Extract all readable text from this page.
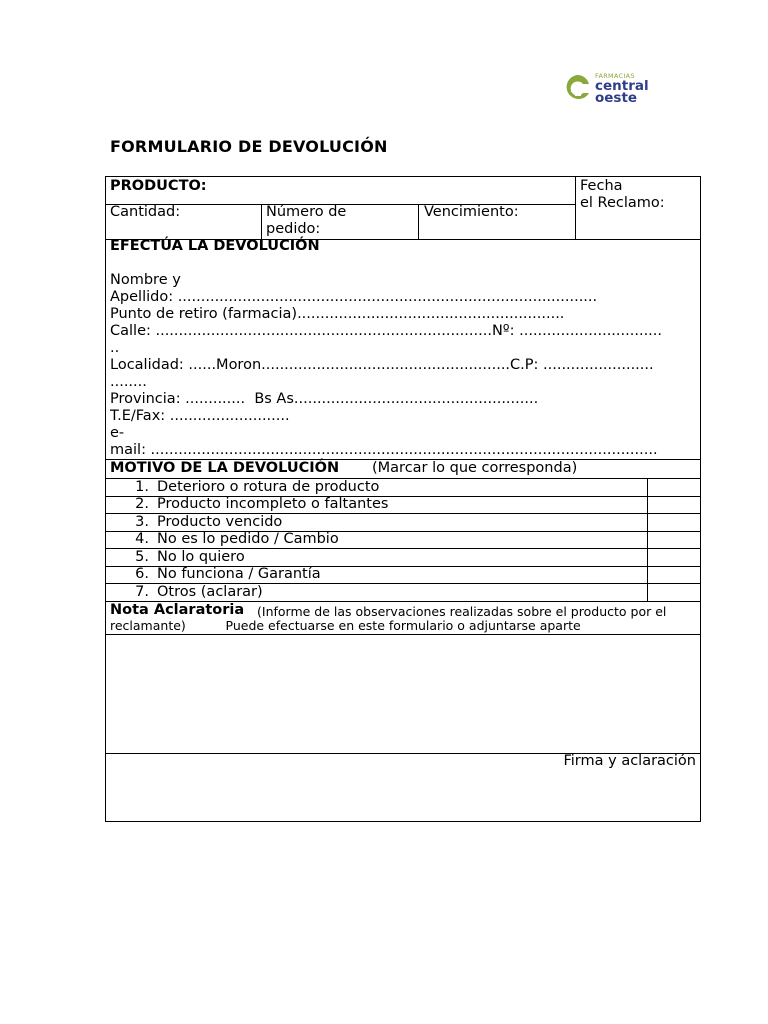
FARMACIAS
central
oeste
FORMULARIO DE DEVOLUCIÓN
PRODUCTO:	Fecha
el Reclamo:
Cantidad:	Número de
pedido:
Vencimiento:
EFECTÚA LA DEVOLUCIÓN
Nombre y
Apellido: ...........................................................................................
Punto de retiro (farmacia)..........................................................
Calle: .........................................................................Nº: ...............................
..
Localidad: ......Moron......................................................C.P: ........................
........
Provincia: .............  Bs As.....................................................
T.E/Fax: ..........................
e-
mail: ..............................................................................................................
MOTIVO DE LA DEVOLUCIÓN (Marcar lo que corresponda)
1. Deterioro o rotura de producto
2. Producto incompleto o faltantes
3. Producto vencido
4. No es lo pedido / Cambio
5. No lo quiero
6. No funciona / Garantía
7. Otros (aclarar)
Nota Aclaratoria (Informe de las observaciones realizadas sobre el producto por el
reclamante)          Puede efectuarse en este formulario o adjuntarse aparte
Firma y aclaración
